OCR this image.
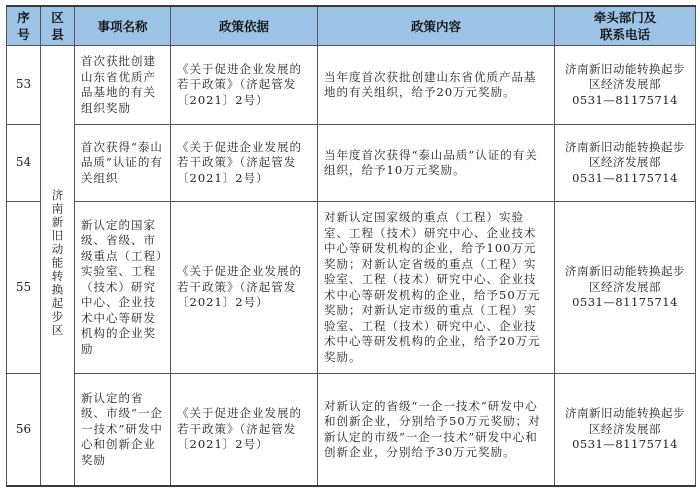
序号	区县	事项名称	政策依据	政策内容	牵头部门及
联系电话
53	济南新旧动能转换起步区	首次获批创建山东省优质产品基地的有关组织奖励	《关于促进企业发展的若干政策》（济起管发〔2021〕2号）	当年度首次获批创建山东省优质产品基地的有关组织，给予20万元奖励。	济南新旧动能转换起步区经济发展部
0531—81175714

54		首次获得“泰山品质”认证的有关组织	《关于促进企业发展的若干政策》（济起管发〔2021〕2号）	当年度首次获得“泰山品质”认证的有关组织，给予10万元奖励。	济南新旧动能转换起步区经济发展部
0531—81175714

55		新认定的国家级、省级、市级重点（工程）实验室、工程（技术）研究中心、企业技术中心等研发机构的企业奖励	《关于促进企业发展的若干政策》（济起管发〔2021〕2号）	对新认定国家级的重点（工程）实验室、工程（技术）研究中心、企业技术中心等研发机构的企业，给予100万元奖励；对新认定省级的重点（工程）实验室、工程（技术）研究中心、企业技术中心等研发机构的企业，给予50万元奖励；对新认定市级的重点（工程）实验室、工程（技术）研究中心、企业技术中心等研发机构的企业，给予20万元奖励。	济南新旧动能转换起步区经济发展部
0531—81175714

56		新认定的省级、市级“一企一技术”研发中心和创新企业奖励	《关于促进企业发展的若干政策》（济起管发〔2021〕2号）	对新认定的省级“一企一技术”研发中心和创新企业，分别给予50万元奖励；对新认定的市级“一企一技术”研发中心和创新企业，分别给予30万元奖励。	济南新旧动能转换起步区经济发展部
0531—81175714
